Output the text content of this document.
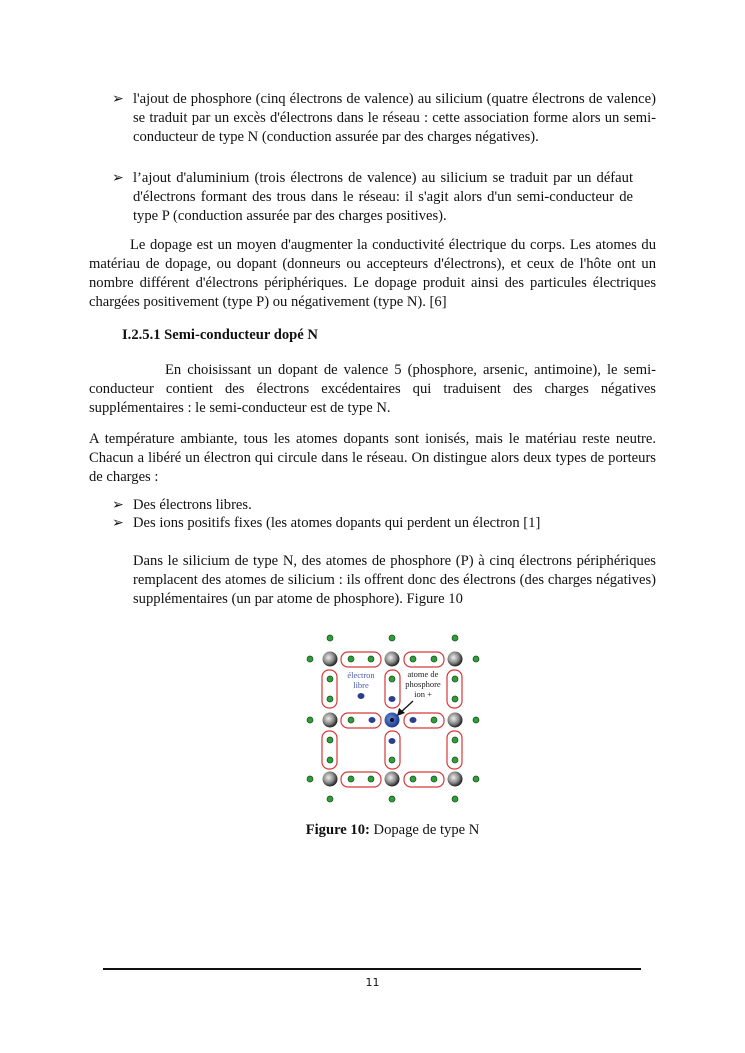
➢ l'ajout de phosphore (cinq électrons de valence) au silicium (quatre électrons de valence) se traduit par un excès d'électrons dans le réseau : cette association forme alors un semi-conducteur de type N (conduction assurée par des charges négatives).

➢ l’ajout d'aluminium (trois électrons de valence) au silicium se traduit par un défaut d'électrons formant des trous dans le réseau: il s'agit alors d'un semi-conducteur de type P (conduction assurée par des charges positives).

Le dopage est un moyen d'augmenter la conductivité électrique du corps. Les atomes du matériau de dopage, ou dopant (donneurs ou accepteurs d'électrons), et ceux de l'hôte ont un nombre différent d'électrons périphériques. Le dopage produit ainsi des particules électriques chargées positivement (type P) ou négativement (type N). [6]

I.2.5.1 Semi-conducteur dopé N

En choisissant un dopant de valence 5 (phosphore, arsenic, antimoine), le semi-conducteur contient des électrons excédentaires qui traduisent des charges négatives supplémentaires : le semi-conducteur est de type N.

A température ambiante, tous les atomes dopants sont ionisés, mais le matériau reste neutre. Chacun a libéré un électron qui circule dans le réseau. On distingue alors deux types de porteurs de charges :

➢ Des électrons libres.

➢ Des ions positifs fixes (les atomes dopants qui perdent un électron [1]

Dans le silicium de type N, des atomes de phosphore (P) à cinq électrons périphériques remplacent des atomes de silicium : ils offrent donc des électrons (des charges négatives) supplémentaires (un par atome de phosphore). Figure 10

électron
libre
atome de
phosphore
ion +
Figure 10: Dopage de type N
11
